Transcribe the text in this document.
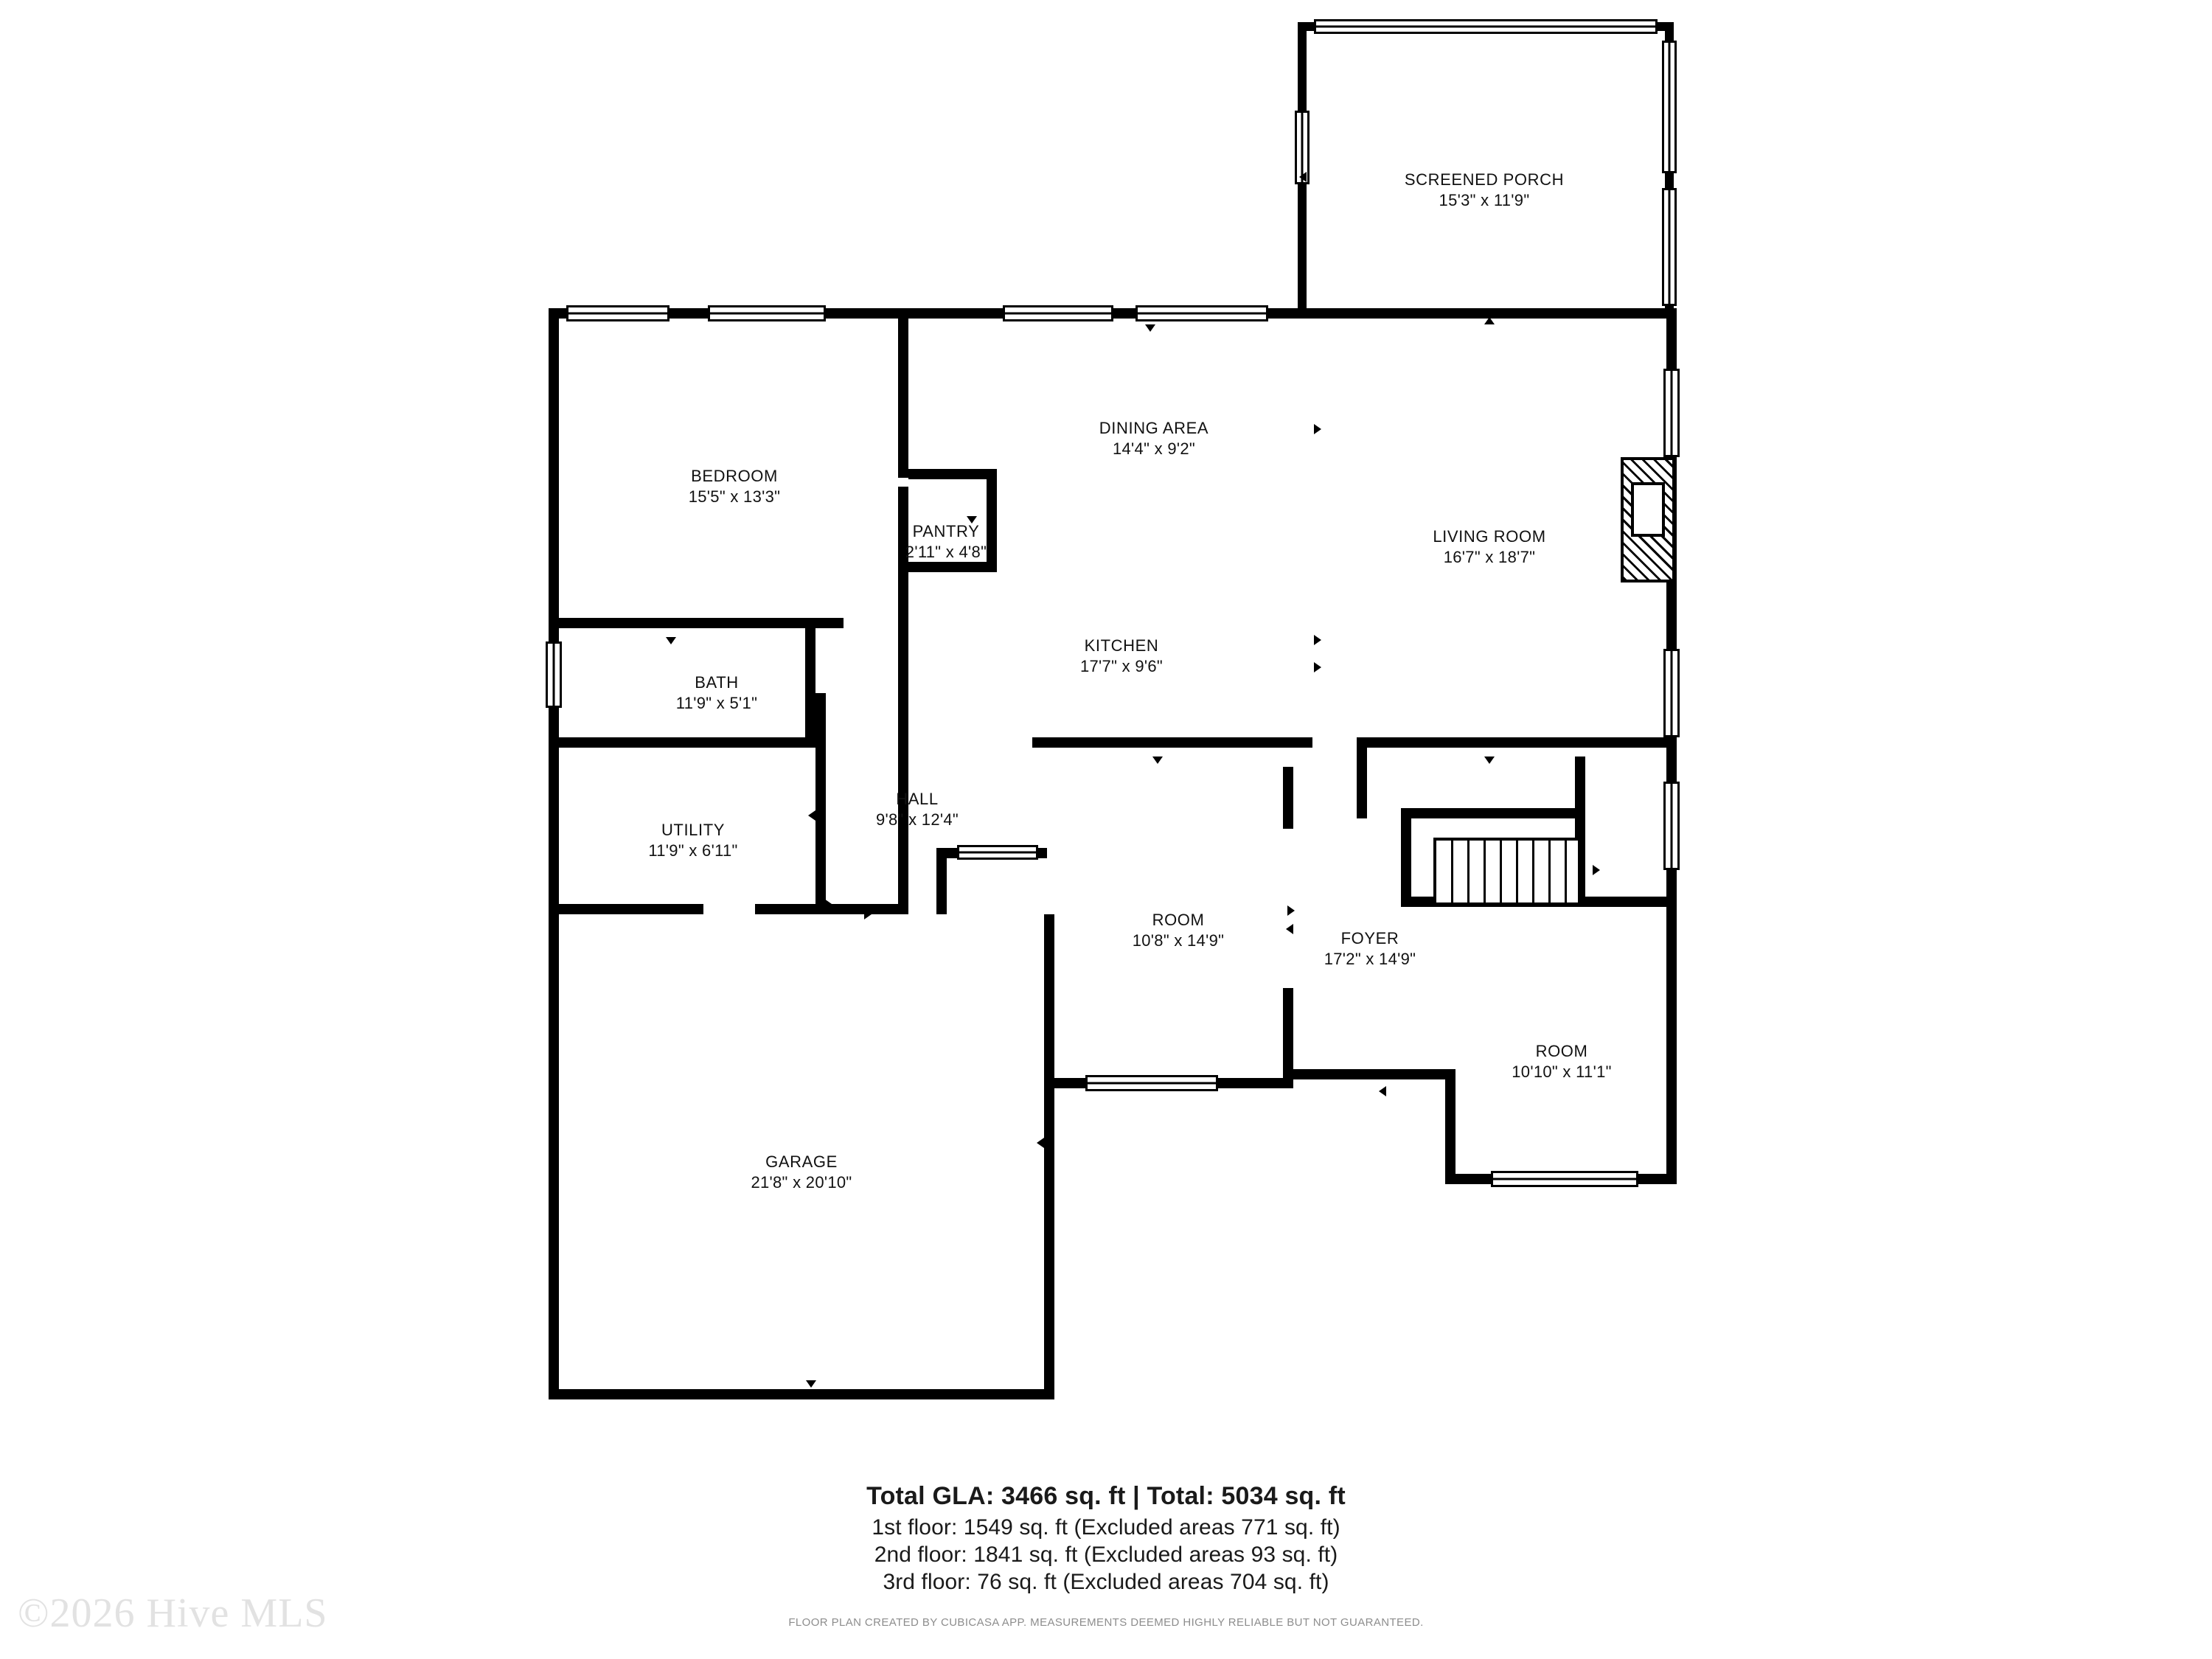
SCREENED PORCH
15'3" x 11'9"
BEDROOM
15'5" x 13'3"
DINING AREA
14'4" x 9'2"
LIVING ROOM
16'7" x 18'7"
PANTRY
2'11" x 4'8"
KITCHEN
17'7" x 9'6"
BATH
11'9" x 5'1"
HALL
9'8" x 12'4"
UTILITY
11'9" x 6'11"
ROOM
10'8" x 14'9"	FOYER
17'2" x 14'9"
ROOM
10'10" x 11'1"
GARAGE
21'8" x 20'10"
Total GLA: 3466 sq. ft | Total: 5034 sq. ft
1st floor: 1549 sq. ft (Excluded areas 771 sq. ft)
2nd floor: 1841 sq. ft (Excluded areas 93 sq. ft)
3rd floor: 76 sq. ft (Excluded areas 704 sq. ft)
FLOOR PLAN CREATED BY CUBICASA APP. MEASUREMENTS DEEMED HIGHLY RELIABLE BUT NOT GUARANTEED.
©2026 Hive MLS
